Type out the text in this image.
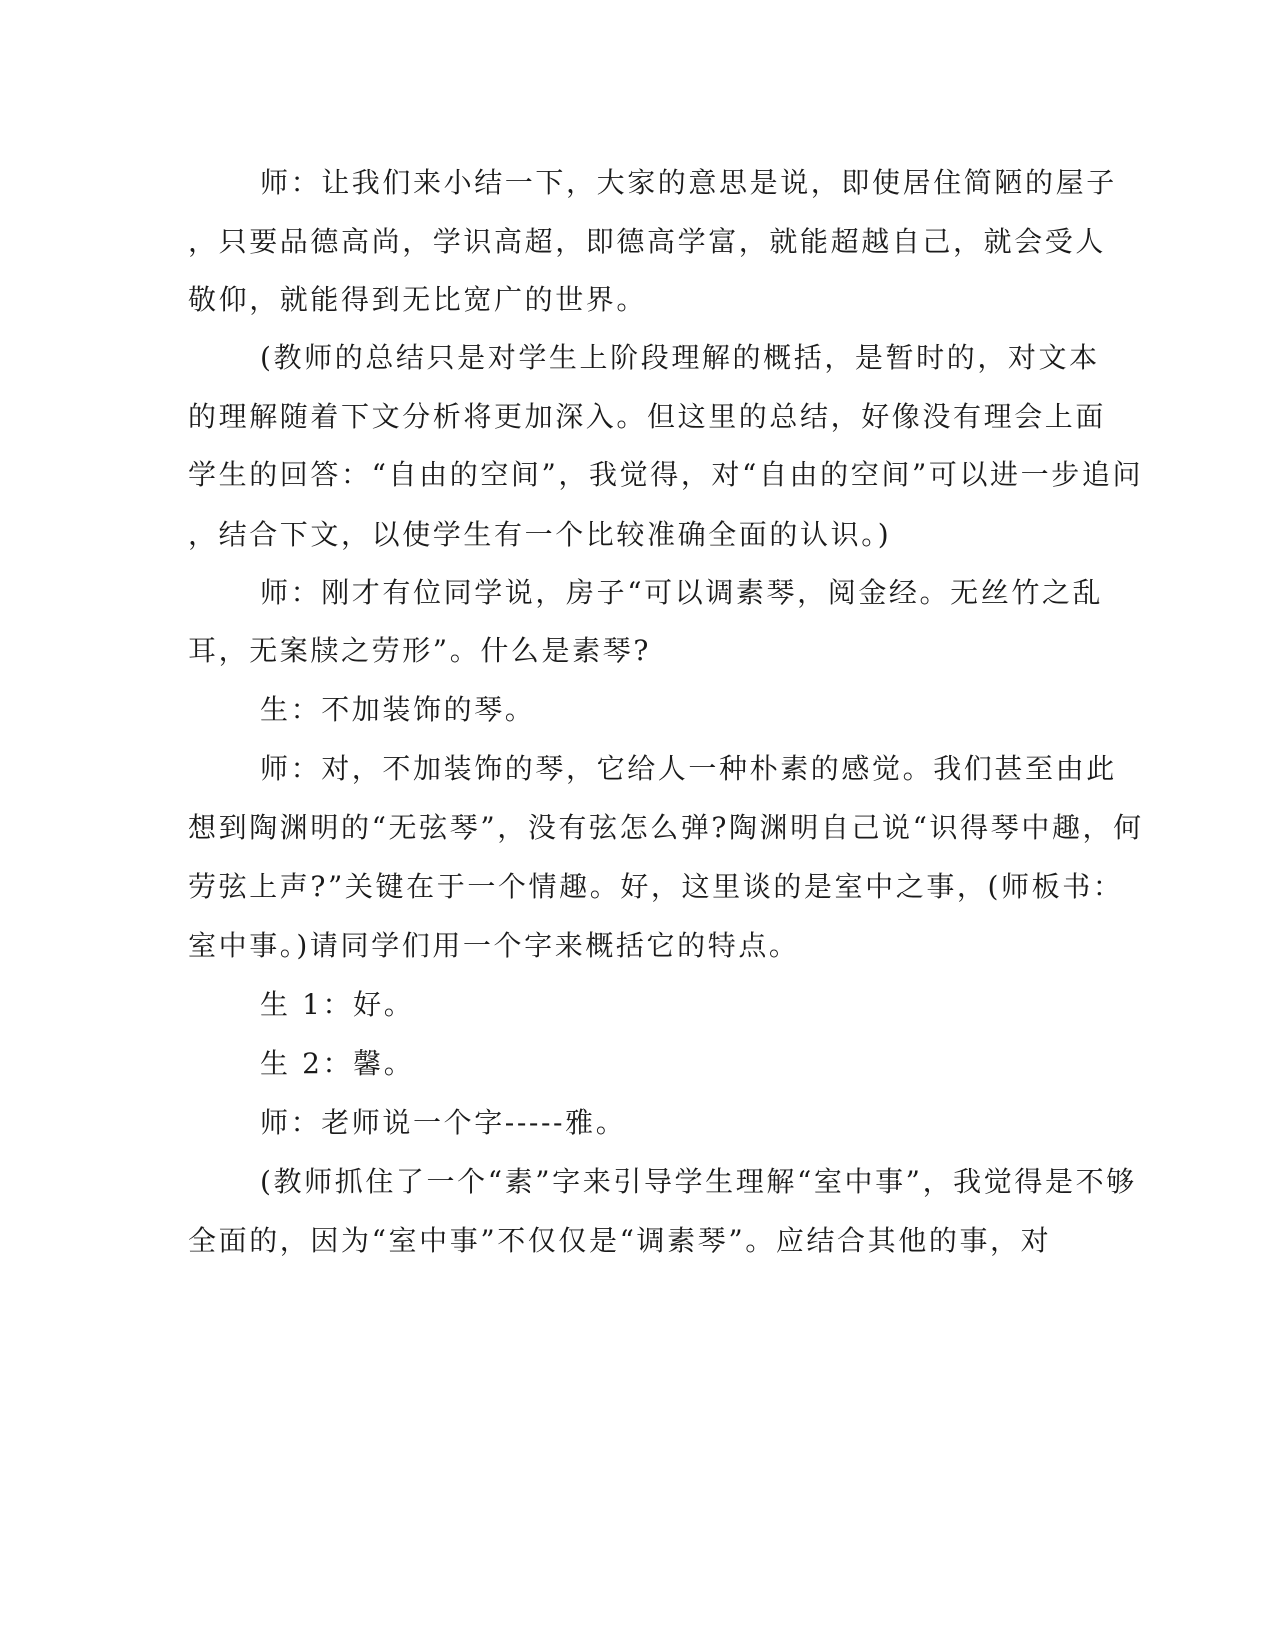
师：让我们来小结一下，大家的意思是说，即使居住简陋的屋子
，只要品德高尚，学识高超，即德高学富，就能超越自己，就会受人
敬仰，就能得到无比宽广的世界。
(教师的总结只是对学生上阶段理解的概括，是暂时的，对文本
的理解随着下文分析将更加深入。但这里的总结，好像没有理会上面
学生的回答：“自由的空间”，我觉得，对“自由的空间”可以进一步追问
，结合下文，以使学生有一个比较准确全面的认识。)
师：刚才有位同学说，房子“可以调素琴，阅金经。无丝竹之乱
耳，无案牍之劳形”。什么是素琴?
生：不加装饰的琴。
师：对，不加装饰的琴，它给人一种朴素的感觉。我们甚至由此
想到陶渊明的“无弦琴”，没有弦怎么弹?陶渊明自己说“识得琴中趣，何
劳弦上声?”关键在于一个情趣。好，这里谈的是室中之事，(师板书：
室中事。)请同学们用一个字来概括它的特点。
生 1：好。
生 2：馨。
师：老师说一个字-----雅。
(教师抓住了一个“素”字来引导学生理解“室中事”，我觉得是不够
全面的，因为“室中事”不仅仅是“调素琴”。应结合其他的事，对
